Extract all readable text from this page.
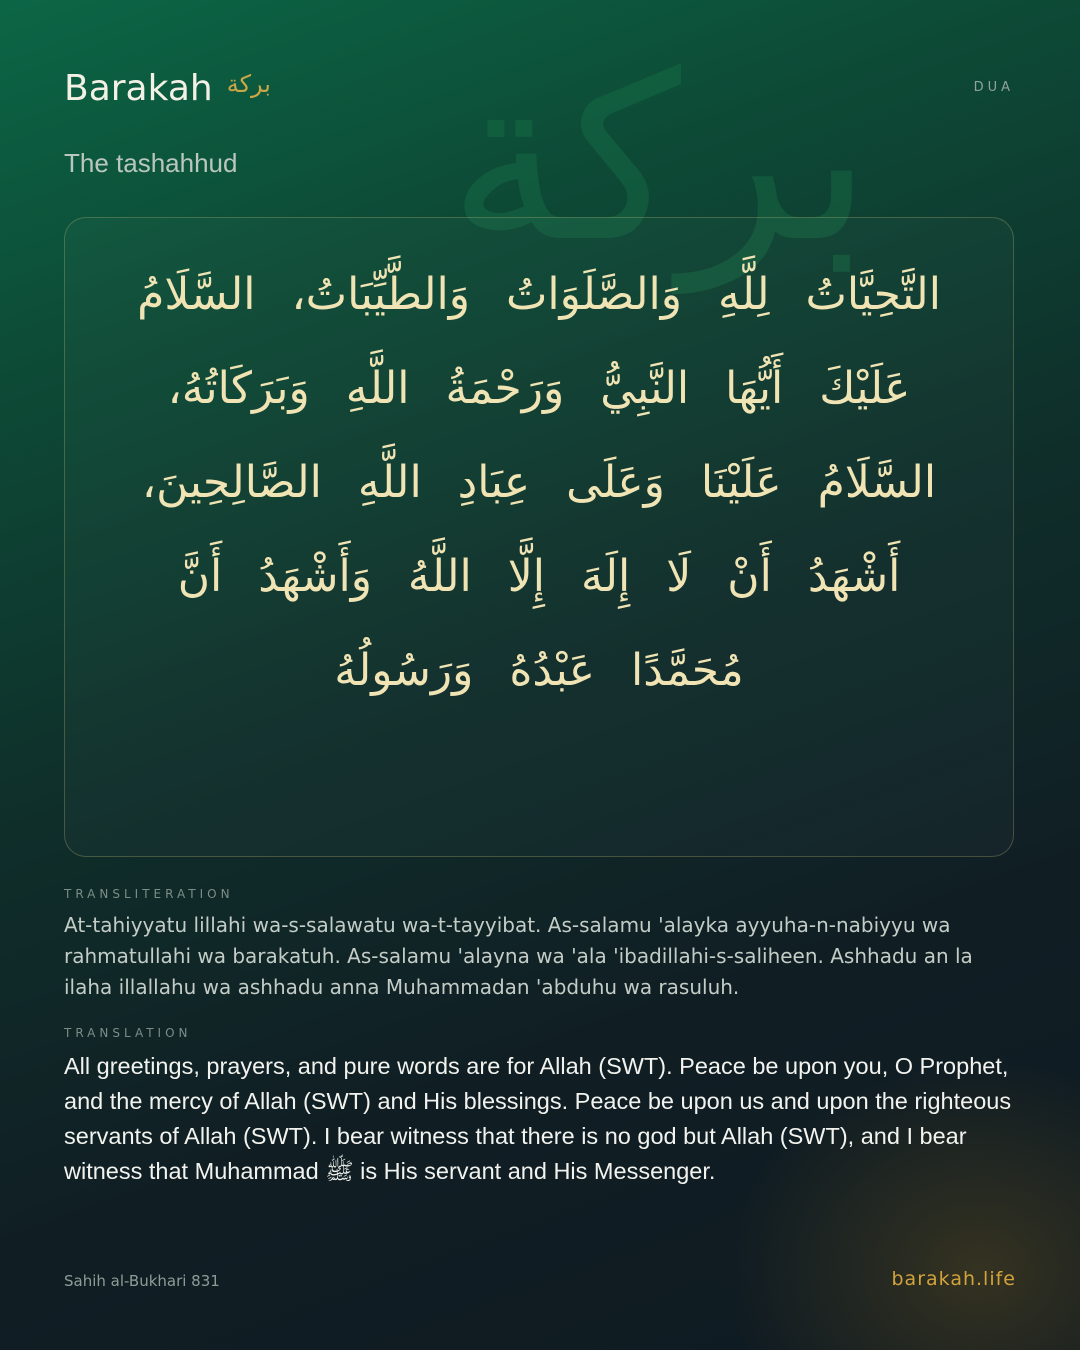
بركة
Barakah بركة	DUA
The tashahhud
التَّحِيَّاتُ لِلَّهِ وَالصَّلَوَاتُ وَالطَّيِّبَاتُ، السَّلَامُ عَلَيْكَ أَيُّهَا النَّبِيُّ وَرَحْمَةُ اللَّهِ وَبَرَكَاتُهُ، السَّلَامُ عَلَيْنَا وَعَلَى عِبَادِ اللَّهِ الصَّالِحِينَ، أَشْهَدُ أَنْ لَا إِلَهَ إِلَّا اللَّهُ وَأَشْهَدُ أَنَّ مُحَمَّدًا عَبْدُهُ وَرَسُولُهُ
TRANSLITERATION
At-tahiyyatu lillahi wa-s-salawatu wa-t-tayyibat. As-salamu 'alayka ayyuha-n-nabiyyu wa rahmatullahi wa barakatuh. As-salamu 'alayna wa 'ala 'ibadillahi-s-saliheen. Ashhadu an la ilaha illallahu wa ashhadu anna Muhammadan 'abduhu wa rasuluh.
TRANSLATION
All greetings, prayers, and pure words are for Allah (SWT). Peace be upon you, O Prophet, and the mercy of Allah (SWT) and His blessings. Peace be upon us and upon the righteous servants of Allah (SWT). I bear witness that there is no god but Allah (SWT), and I bear witness that Muhammad ﷺ is His servant and His Messenger.
Sahih al-Bukhari 831	barakah.life
